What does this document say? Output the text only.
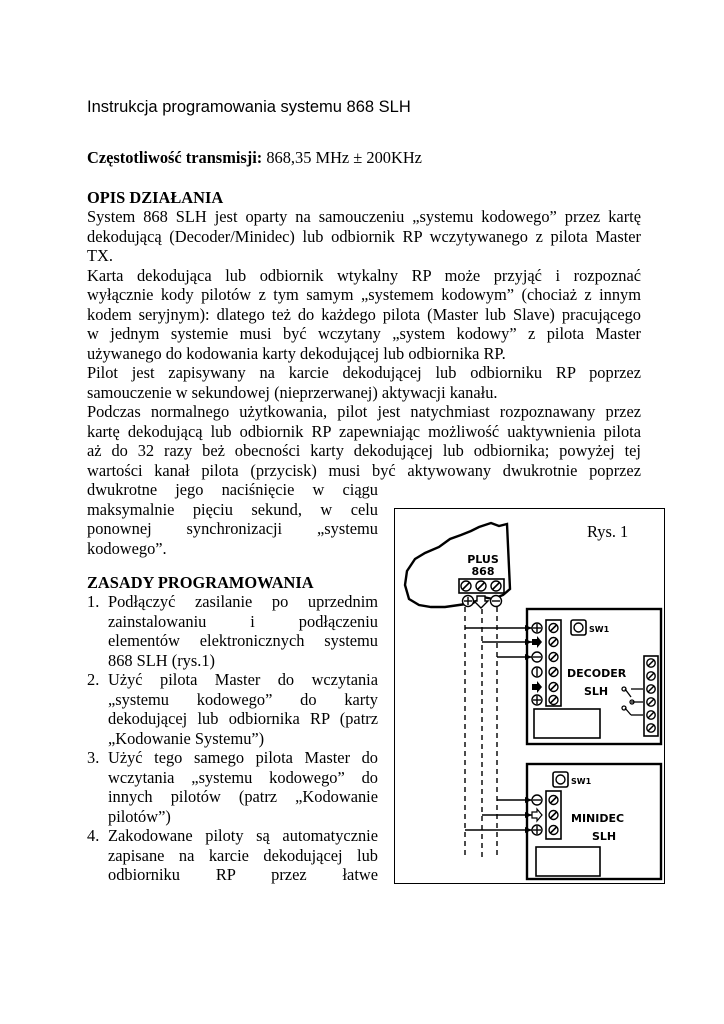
Instrukcja programowania systemu 868 SLH
Częstotliwość transmisji: 868,35 MHz ± 200KHz
OPIS DZIAŁANIA
System 868 SLH jest oparty na samouczeniu „systemu kodowego” przez kartę
dekodującą (Decoder/Minidec) lub odbiornik RP wczytywanego z pilota Master
TX.
Karta dekodująca lub odbiornik wtykalny RP może przyjąć i rozpoznać
wyłącznie kody pilotów z tym samym „systemem kodowym” (chociaż z innym
kodem seryjnym): dlatego też do każdego pilota (Master lub Slave) pracującego
w jednym systemie musi być wczytany „system kodowy” z pilota Master
używanego do kodowania karty dekodującej lub odbiornika RP.
Pilot jest zapisywany na karcie dekodującej lub odbiorniku RP poprzez
samouczenie w sekundowej (nieprzerwanej) aktywacji kanału.
Podczas normalnego użytkowania, pilot jest natychmiast rozpoznawany przez
kartę dekodującą lub odbiornik RP zapewniając możliwość uaktywnienia pilota
aż do 32 razy beż obecności karty dekodującej lub odbiornika; powyżej tej
wartości kanał pilota (przycisk) musi być aktywowany dwukrotnie poprzez
dwukrotne jego naciśnięcie w ciągu
maksymalnie pięciu sekund, w celu
ponownej synchronizacji „systemu
kodowego”.
ZASADY PROGRAMOWANIA
1. Podłączyć zasilanie po uprzednim
zainstalowaniu i podłączeniu
elementów elektronicznych systemu
868 SLH (rys.1)
2. Użyć pilota Master do wczytania
„systemu kodowego” do karty
dekodującej lub odbiornika RP (patrz
„Kodowanie Systemu”)
3. Użyć tego samego pilota Master do
wczytania „systemu kodowego” do
innych pilotów (patrz „Kodowanie
pilotów”)
4. Zakodowane piloty są automatycznie
zapisane na karcie dekodującej lub
odbiorniku RP przez łatwe
Rys. 1
PLUS
868
SW1
DECODER
SLH
SW1
MINIDEC
SLH
